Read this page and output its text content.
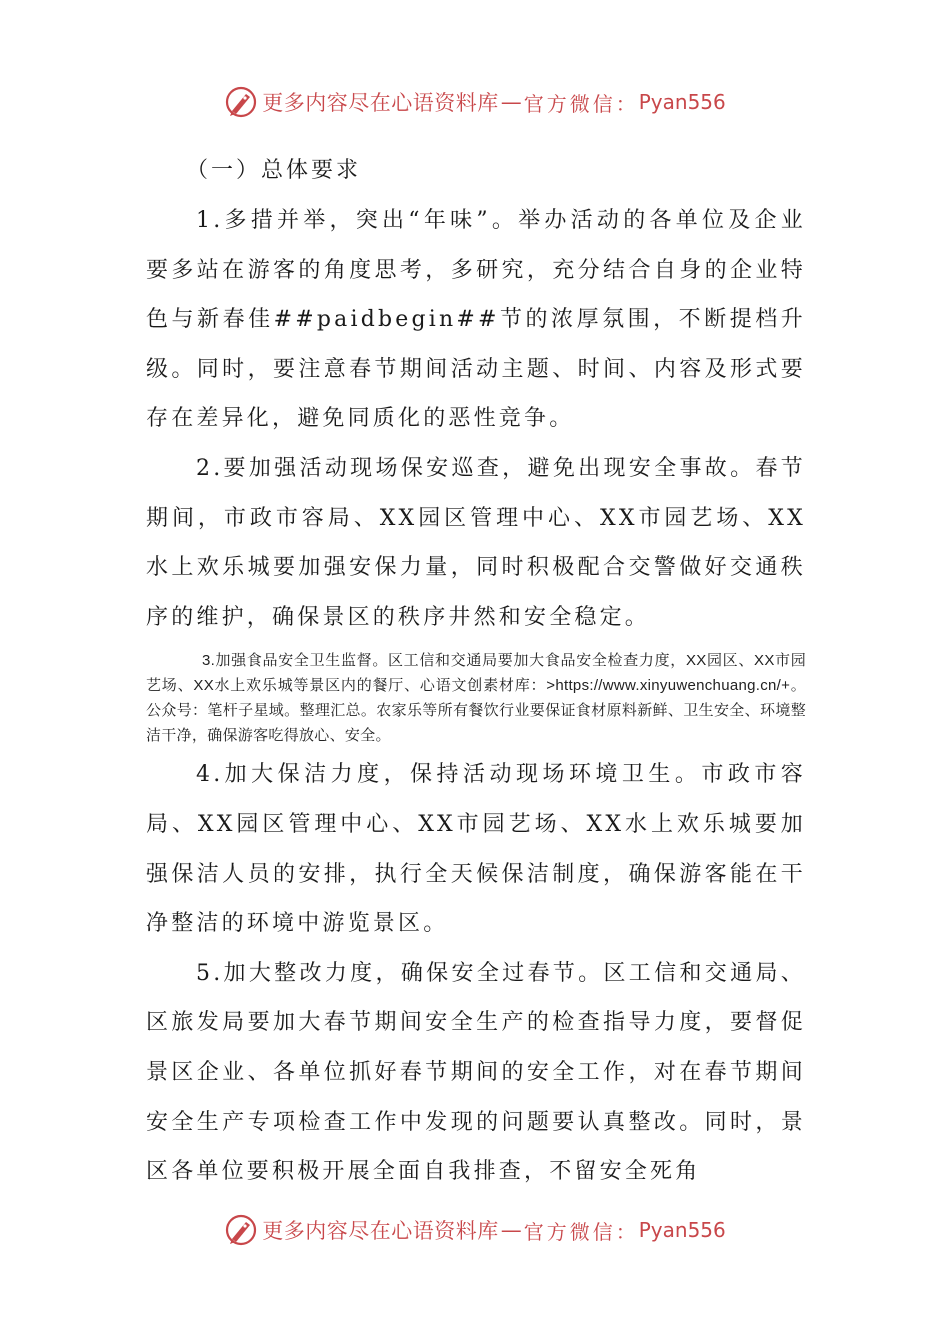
更多内容尽在心语资料库 — 官方微信： Pyan556
（一）总体要求

1.多措并举，突出“年味”。举办活动的各单位及企业要多站在游客的角度思考，多研究，充分结合自身的企业特色与新春佳##paidbegin##节的浓厚氛围，不断提档升级。同时，要注意春节期间活动主题、时间、内容及形式要存在差异化，避免同质化的恶性竞争。

2.要加强活动现场保安巡查，避免出现安全事故。春节期间，市政市容局、XX园区管理中心、XX市园艺场、XX水上欢乐城要加强安保力量，同时积极配合交警做好交通秩序的维护，确保景区的秩序井然和安全稳定。

3.加强食品安全卫生监督。区工信和交通局要加大食品安全检查力度，XX园区、XX市园艺场、XX水上欢乐城等景区内的餐厅、心语文创素材库：>https://www.xinyuwenchuang.cn/+。公众号：笔杆子星域。整理汇总。农家乐等所有餐饮行业要保证食材原料新鲜、卫生安全、环境整洁干净，确保游客吃得放心、安全。

4.加大保洁力度，保持活动现场环境卫生。市政市容局、XX园区管理中心、XX市园艺场、XX水上欢乐城要加强保洁人员的安排，执行全天候保洁制度，确保游客能在干净整洁的环境中游览景区。

5.加大整改力度，确保安全过春节。区工信和交通局、区旅发局要加大春节期间安全生产的检查指导力度，要督促景区企业、各单位抓好春节期间的安全工作，对在春节期间安全生产专项检查工作中发现的问题要认真整改。同时，景区各单位要积极开展全面自我排查，不留安全死角

更多内容尽在心语资料库 — 官方微信： Pyan556
